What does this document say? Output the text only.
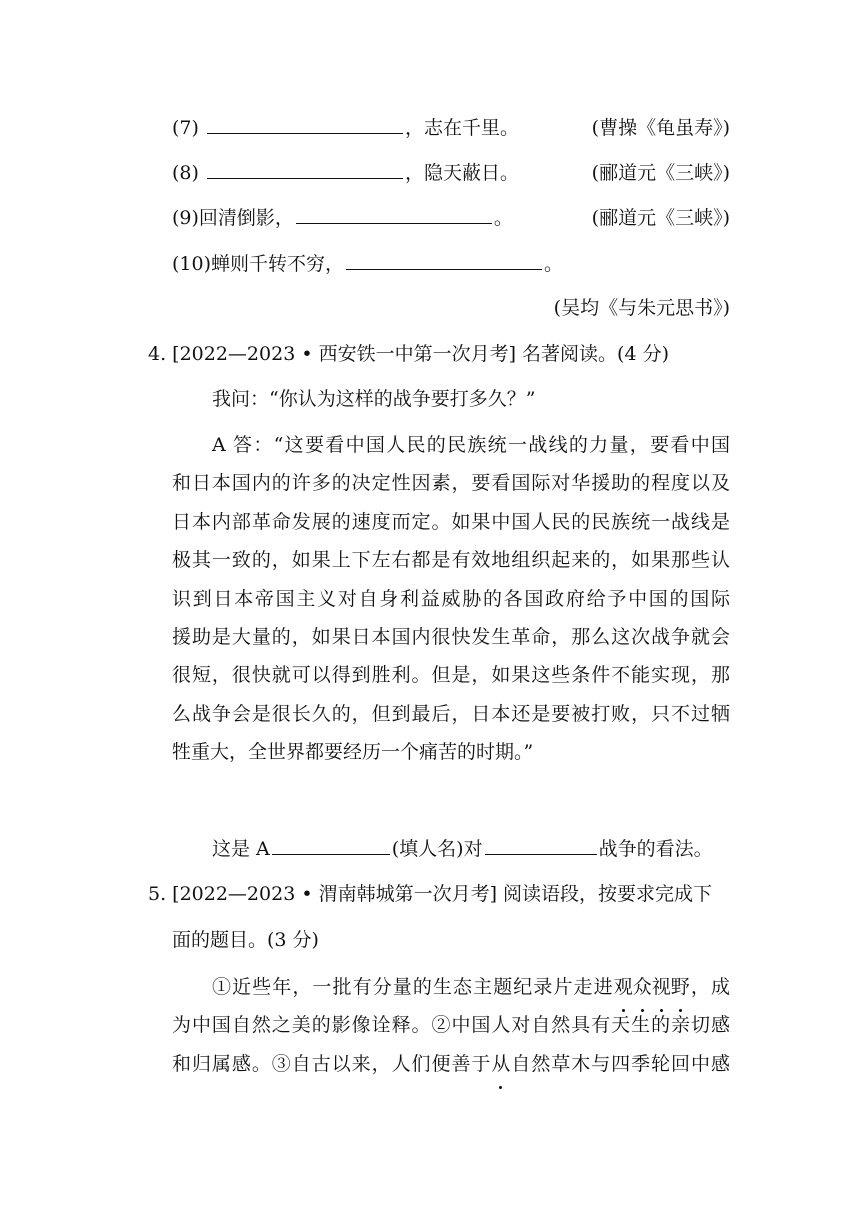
(7)	，志在千里。	(曹操《龟虽寿》)
(8)	，隐天蔽日。	(郦道元《三峡》)
(9)回清倒影，	。	(郦道元《三峡》)
(10)蝉则千转不穷，	。
(吴均《与朱元思书》)
4. [2022—2023 • 西安铁一中第一次月考] 名著阅读。(4 分)
我问：“你认为这样的战争要打多久？”
A 答：“这要看中国人民的民族统一战线的力量，要看中国
和日本国内的许多的决定性因素，要看国际对华援助的程度以及
日本内部革命发展的速度而定。如果中国人民的民族统一战线是
极其一致的，如果上下左右都是有效地组织起来的，如果那些认
识到日本帝国主义对自身利益威胁的各国政府给予中国的国际
援助是大量的，如果日本国内很快发生革命，那么这次战争就会
很短，很快就可以得到胜利。但是，如果这些条件不能实现，那
么战争会是很长久的，但到最后，日本还是要被打败，只不过牺
牲重大，全世界都要经历一个痛苦的时期。”
这是 A	(填人名)对	战争的看法。
5. [2022—2023 • 渭南韩城第一次月考] 阅读语段，按要求完成下
面的题目。(3 分)
①近些年，一批有分量的生态主题纪录片走进观众视野，成
为中国自然之美的影像诠释。②中国人对自然具有天生的亲切感
和归属感。③自古以来，人们便善于从自然草木与四季轮回中感
